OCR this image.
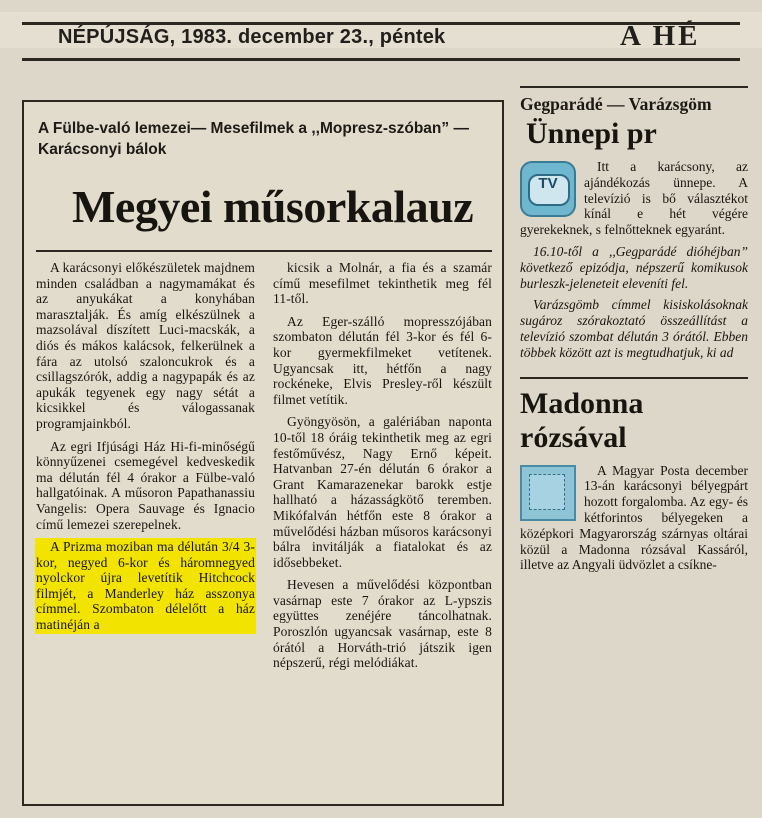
NÉPÚJSÁG, 1983. december 23., péntek	A HÉ
A Fülbe-való lemezei— Mesefilmek a ,,Mopresz-szóban” — Karácsonyi bálok
Megyei műsorkalauz

A karácsonyi előkészületek majdnem minden családban a nagymamákat és az anyukákat a konyhában marasztalják. És amíg elkészülnek a mazsolával díszített Luci-macskák, a diós és mákos kalácsok, felkerülnek a fára az utolsó szaloncukrok és a csillagszórók, addig a nagypapák és az apukák tegyenek egy nagy sétát a kicsikkel és válogassanak programjainkból.

Az egri Ifjúsági Ház Hi-fi-minőségű könnyűzenei csemegével kedveskedik ma délután fél 4 órakor a Fülbe-való hallgatóinak. A műsoron Papathanassiu Vangelis: Opera Sauvage és Ignacio című lemezei szerepelnek.

A Prizma moziban ma délután 3/4 3-kor, negyed 6-kor és háromnegyed nyolckor újra levetítik Hitchcock filmjét, a Manderley ház asszonya címmel. Szombaton délelőtt a ház matinéján a

kicsik a Molnár, a fia és a szamár című mesefilmet tekinthetik meg fél 11-től.

Az Eger-szálló mopresszójában szombaton délután fél 3-kor és fél 6-kor gyermekfilmeket vetítenek. Ugyancsak itt, hétfőn a nagy rockéneke, Elvis Presley-ről készült filmet vetítik.

Gyöngyösön, a galériában naponta 10-től 18 óráig tekinthetik meg az egri festőművész, Nagy Ernő képeit. Hatvanban 27-én délután 6 órakor a Grant Kamarazenekar barokk estje hallható a házasságkötő teremben. Mikófalván hétfőn este 8 órakor a művelődési házban műsoros karácsonyi bálra invitálják a fiatalokat és az idősebbeket.

Hevesen a művelődési központban vasárnap este 7 órakor az L-ypszis együttes zenéjére táncolhatnak. Poroszlón ugyancsak vasárnap, este 8 órától a Horváth-trió játszik igen népszerű, régi melódiákat.

Gegparádé — Varázsgöm
Ünnepi pr
TV

Itt a karácsony, az ajándékozás ünnepe. A televízió is bő választékot kínál e hét végére gyerekeknek, s felnőtteknek egyaránt.

16.10-től a ,,Gegparádé dióhéjban” következő epizódja, népszerű komikusok burleszk-jeleneteit eleveníti fel.

Varázsgömb címmel kisiskolásoknak sugároz szórakoztató összeállítást a televízió szombat délután 3 órától. Ebben többek között azt is megtudhatjuk, ki ad

Madonna
rózsával

A Magyar Posta december 13-án karácsonyi bélyegpárt hozott forgalomba. Az egy- és kétforintos bélyegeken a középkori Magyarország szárnyas oltárai közül a Madonna rózsával Kassáról, illetve az Angyali üdvözlet a csíkne-
